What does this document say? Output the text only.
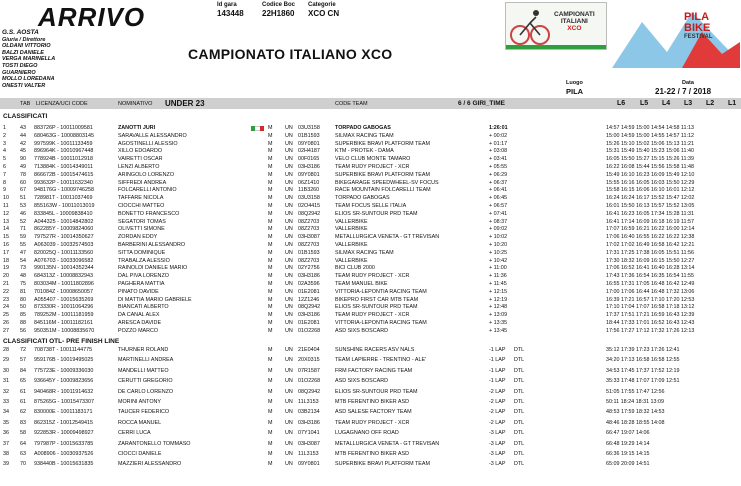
ARRIVO	Id gara
143448
Codice Boc
22H1860
Categorie
XCO CN
G.S. AOSTA
Giuria / Direttore
OLDANI VITTORIO
BALZI DANIELE
VERGA MARINELLA
TOSTI DIEGO
GUARNIERO
MOLLO LOREDANA
ONESTI VALTER
CAMPIONATO ITALIANO XCO
CAMPIONATI
ITALIANI
XCO
PILA
BIKE
FESTIVAL
Luogo
PILA
Data
21-22 / 7 / 2018
TAB LICENZA/UCI CODE	NOMINATIVO UNDER 23	CODE TEAM	6 / 6 GIRI_TIME	L6 L5 L4 L3 L2 L1
CLASSIFICATI
CLASSIFICATI OTL- PRE FINISH LINE
1	43 883726P - 10011009581	ZANOTTI JURI	M UN 03U3158	TORPADO GABOGAS	1:26:01	14:57 14:59 15:00 14:54 14:58 11:13
2	44 680463G - 10008803145	SARAVALLE ALESSANDRO	M UN 01B1593	SILMAX RACING TEAM	+ 00:02	15:00 14:59 15:00 14:55 14:57 11:12
3	42 997599K - 10011133459	AGOSTINELLI ALESSIO	M UN 09Y0801	SUPERBIKE BRAVI PLATFORM TEAM	+ 01:17	15:26 15:10 15:02 15:06 15:13 11:21
4	45 896964K - 10010967448	XILLO EDOARDO	M UN 02H4187	KTM - PROTEK - DAMA	+ 03:08	15:31 15:49 15:40 15:23 15:06 11:40
5	90 778924B - 10011012918	VAIRETTI OSCAR	M UN 00F0165	VELO CLUB MONTE TAMARO	+ 03:41	16:05 15:50 15:27 15:15 15:26 11:39
6	49 713884K - 10014349011	LENZI ALBERTO	M UN 03H3186	TEAM RUDY PROJECT - XCR	+ 05:55	16:22 16:08 15:44 15:56 15:58 11:48
7	78 866672B - 10015474615	ARINGOLO LORENZO	M UN 09Y0801	SUPERBIKE BRAVI PLATFORM TEAM	+ 06:29	15:49 16:10 16:23 16:09 15:49 12:10
8	60 993632P - 10011632340	SIFFREDI ANDREA	M UN 06Z1410	BIKEGARAGE SPEEDWHEEL-SV FOCUS	+ 06:37	15:55 16:16 16:05 16:03 15:50 12:29
9	67 948176G - 10009746258	FOLCARELLI ANTONIO	M UN 11B3260	RACE MOUNTAIN FOLCARELLI TEAM	+ 06:41	15:58 16:15 16:06 16:10 16:01 12:12
10 51 728981T - 10011037469	TAFFARE NICOLA	M UN 03U3158	TORPADO GABOGAS	+ 06:45	16:24 16:24 16:17 15:52 15:47 12:02
11 53 855163W - 10011013019	CIOCCHI MATTEO	M UN 02O4415	TEAM FOCUS SELLE ITALIA	+ 06:57	16:01 15:50 16:13 15:57 15:52 13:05
12 46 833845L - 10009838410	BONETTO FRANCESCO	M UN 08Q2942	ELIOS SR-SUNTOUR PRD TEAM	+ 07:41	16:41 16:23 16:05 17:34 15:28 11:31
13 52 A044325 - 10014842802	SEGATORI TOMAS	M UN 08Z2703	VALLERBIKE	+ 08:37	16:41 17:14 16:09 16:18 16:19 11:57
14 71 862285Y - 10009824060	OLIVETTI SIMONE	M UN 08Z2703	VALLERBIKE	+ 09:02	17:07 16:59 16:21 16:22 16:00 12:14
15 59 797527R - 10014350627	ZORDAN EDDY	M UN 03H3087	METALLURGICA VENETA - GT TREVISAN	+ 10:02	17:06 16:40 16:55 16:22 16:22 12:38
16 55 A063039 - 10032574503	BARBERINI ALESSANDRO	M UN 08Z2703	VALLERBIKE	+ 10:20	17:02 17:02 16:49 16:58 16:42 12:21
17 47 820025Q - 10011133560	SITTA DOMINIQUE	M UN 01B1593	SILMAX RACING TEAM	+ 10:25	17:31 17:25 17:38 16:05 15:51 11:56
18 54 A076703 - 10033096582	TRABALZA ALESSIO	M UN 08Z2703	VALLERBIKE	+ 10:42	17:30 18:32 16:09 16:15 15:50 12:27
19 73 990135N - 10014352344	RAINOLDI DANIELE MARIO	M UN 02Y2756	BICI CLUB 2000	+ 11:00	17:06 16:52 16:41 16:40 16:28 13:14
20 48 684313Z - 10008832943	DAL PIVA LORENZO	M UN 03H3186	TEAM RUDY PROJECT - XCR	+ 11:36	17:43 17:36 16:54 16:35 16:54 11:55
21 75 803034M - 10011802896	PAGHERA MATTIA	M UN 02A3596	TEAM MANUEL BIKE	+ 11:45	16:55 17:31 17:05 16:48 16:42 12:49
22 81 701084Z - 10008650057	PINATO DAVIDE	M UN 01E2081	VITTORIA-LEPONTIA RACING TEAM	+ 12:15	17:00 17:06 16:44 16:48 17:32 13:06
23 80 A055407 - 10015635269	DI MATTIA MARIO GABRIELE	M UN 12Z1246	BIKEPRO FIRST CAR MTB TEAM	+ 12:19	16:39 17:21 16:57 17:10 17:20 12:53
24 50 873330R - 10011064296	BIANCATI ALBERTO	M UN 08Q2942	ELIOS SR-SUNTOUR PRD TEAM	+ 12:48	17:10 17:04 17:07 16:58 17:18 13:12
25 85 789252M - 10011181959	DA CANAL ALEX	M UN 03H3186	TEAM RUDY PROJECT - XCR	+ 13:09	17:37 17:51 17:21 16:59 16:43 12:39
26 88 845116M - 10011182161	ARESCA DAVIDE	M UN 01E2081	VITTORIA-LEPONTIA RACING TEAM	+ 13:35	18:44 17:33 17:01 16:52 16:43 12:43
27 56 950351M - 10008835670	POZZO MARCO	M UN 01O2268	ASD SIXS BOSCARD	+ 13:45	17:56 17:27 17:12 17:32 17:26 12:13
28 72 708738T - 10011144775	THURNER ROLAND	M UN 21E0404	SUNSHINE RACERS ASV NALS	-1 LAP DTL	35:12 17:39 17:23 17:26 12:41
29 57 959176B - 10019495025	MARTINELLI ANDREA	M UN 20X0315	TEAM LAPIERRE - TRENTINO - ALE'	-1 LAP DTL	34:20 17:13 16:58 16:58 12:55
30 84 775723E - 10009336030	MANDELLI MATTEO	M UN 07R1587	FRM FACTORY RACING TEAM	-1 LAP DTL	34:53 17:45 17:37 17:52 12:19
31 65 936645Y - 10009823656	CERUTTI GREGORIO	M UN 01O2268	ASD SIXS BOSCARD	-1 LAP DTL	35:33 17:48 17:07 17:09 12:51
32 61 940468R - 10011914632	DE CARLO LORENZO	M UN 08Q2942	ELIOS SR-SUNTOUR PRD TEAM	-2 LAP DTL	51:05 17:55 17:47 12:56
33 61 875265G - 10015473307	MORINI ANTONY	M UN 11L3153	MTB FERENTINO BIKER ASD	-2 LAP DTL	50:11 18:24 18:31 13:09
34 62 830000E - 10011183171	TAUCER FEDERICO	M UN 03B2134	ASD SALESE FACTORY TEAM	-2 LAP DTL	48:53 17:59 18:32 14:53
35 83 862315Z - 10012549415	ROCCA MANUEL	M UN 03H3186	TEAM RUDY PROJECT - XCR	-2 LAP DTL	48:46 18:28 18:55 14:08
36 58 922853R - 10009498927	CERRI LUCA	M UN 07Y1041	LUGAGNANO OFF ROAD	-3 LAP DTL	66:47 19:07 14:06
37 64 797987P - 10015633785	ZARANTONELLO TOMMASO	M UN 03H3087	METALLURGICA VENETA - GT TREVISAN	-3 LAP DTL	66:48 19:29 14:14
38 63 A008906 - 10030937526	CIOCCI DANIELE	M UN 11L3153	MTB FERENTINO BIKER ASD	-3 LAP DTL	66:36 19:15 14:15
39 70 938440B - 10015631835	MAZZIERI ALESSANDRO	M UN 09Y0801	SUPERBIKE BRAVI PLATFORM TEAM	-3 LAP DTL	65:09 20:09 14:51
